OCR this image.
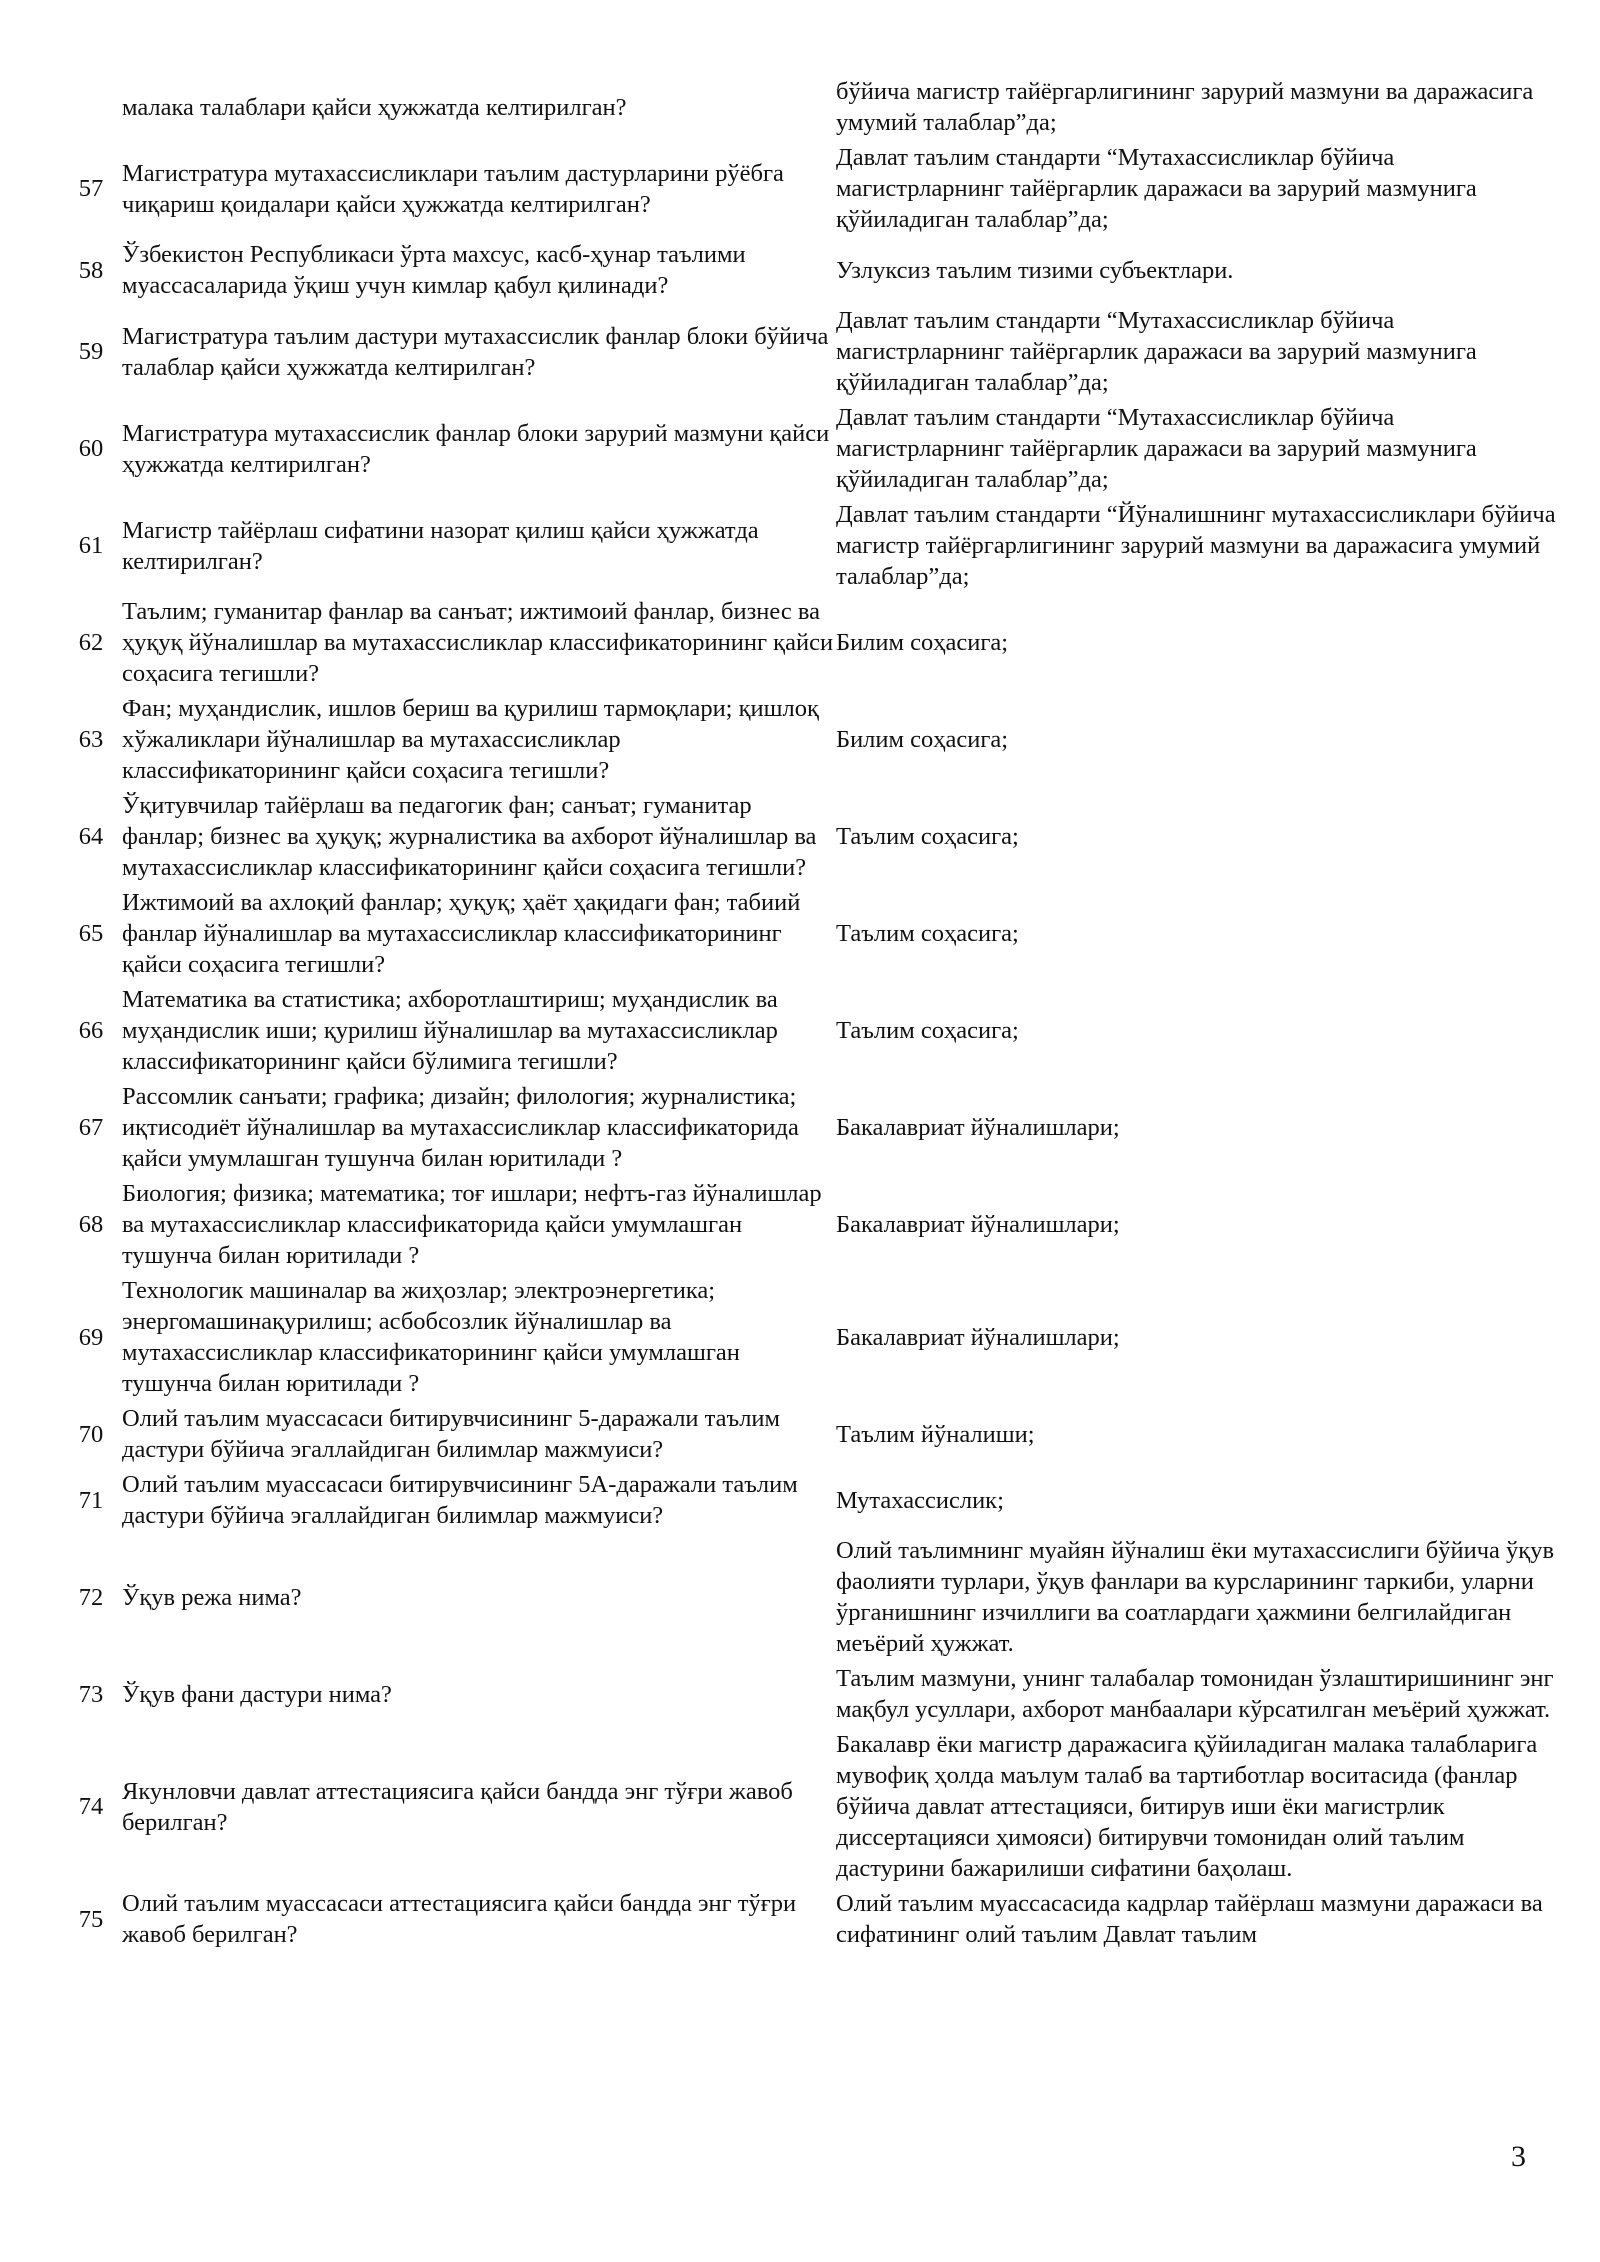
	малака талаблари қайси ҳужжатда келтирилган?	бўйича магистр тайёргарлигининг зарурий мазмуни ва даражасига умумий талаблар”да;
57	Магистратура мутахассисликлари таълим дастурларини рўёбга чиқариш қоидалари қайси ҳужжатда келтирилган?	Давлат таълим стандарти “Мутахассисликлар бўйича магистрларнинг тайёргарлик даражаси ва зарурий мазмунига қўйиладиган талаблар”да;
58	Ўзбекистон Республикаси ўрта махсус, касб-ҳунар таълими муассасаларида ўқиш учун кимлар қабул қилинади?	Узлуксиз таълим тизими субъектлари.
59	Магистратура таълим дастури мутахассислик фанлар блоки бўйича талаблар қайси ҳужжатда келтирилган?	Давлат таълим стандарти “Мутахассисликлар бўйича магистрларнинг тайёргарлик даражаси ва зарурий мазмунига қўйиладиган талаблар”да;
60	Магистратура мутахассислик фанлар блоки зарурий мазмуни қайси ҳужжатда келтирилган?	Давлат таълим стандарти “Мутахассисликлар бўйича магистрларнинг тайёргарлик даражаси ва зарурий мазмунига қўйиладиган талаблар”да;
61	Магистр тайёрлаш сифатини назорат қилиш қайси ҳужжатда келтирилган?	Давлат таълим стандарти “Йўналишнинг мутахассисликлари бўйича магистр тайёргарлигининг зарурий мазмуни ва даражасига умумий талаблар”да;
62	Таълим; гуманитар фанлар ва санъат; ижтимоий фанлар, бизнес ва ҳуқуқ йўналишлар ва мутахассисликлар классификаторининг қайси соҳасига тегишли?	Билим соҳасига;
63	Фан; муҳандислик, ишлов бериш ва қурилиш тармоқлари; қишлоқ хўжаликлари йўналишлар ва мутахассисликлар классификаторининг қайси соҳасига тегишли?	Билим соҳасига;
64	Ўқитувчилар тайёрлаш ва педагогик фан; санъат; гуманитар фанлар; бизнес ва ҳуқуқ; журналистика ва ахборот йўналишлар ва мутахассисликлар классификаторининг қайси соҳасига тегишли?	Таълим соҳасига;
65	Ижтимоий ва ахлоқий фанлар; ҳуқуқ; ҳаёт ҳақидаги фан; табиий фанлар йўналишлар ва мутахассисликлар классификаторининг қайси соҳасига тегишли?	Таълим соҳасига;
66	Математика ва статистика; ахборотлаштириш; муҳандислик ва муҳандислик иши; қурилиш йўналишлар ва мутахассисликлар классификаторининг қайси бўлимига тегишли?	Таълим соҳасига;
67	Рассомлик санъати; графика; дизайн; филология; журналистика; иқтисодиёт йўналишлар ва мутахассисликлар классификаторида қайси умумлашган тушунча билан юритилади ?	Бакалавриат йўналишлари;
68	Биология; физика; математика; тоғ ишлари; нефтъ-газ йўналишлар ва мутахассисликлар классификаторида қайси умумлашган тушунча билан юритилади ?	Бакалавриат йўналишлари;
69	Технологик машиналар ва жиҳозлар; электроэнергетика; энергомашинақурилиш; асбобсозлик йўналишлар ва мутахассисликлар классификаторининг қайси умумлашган тушунча билан юритилади ?	Бакалавриат йўналишлари;
70	Олий таълим муассасаси битирувчисининг 5-даражали таълим дастури бўйича эгаллайдиган билимлар мажмуиси?	Таълим йўналиши;
71	Олий таълим муассасаси битирувчисининг 5А-даражали таълим дастури бўйича эгаллайдиган билимлар мажмуиси?	Мутахассислик;
72	Ўқув режа нима?	Олий таълимнинг муайян йўналиш ёки мутахассислиги бўйича ўқув фаолияти турлари, ўқув фанлари ва курсларининг таркиби, уларни ўрганишнинг изчиллиги ва соатлардаги ҳажмини белгилайдиган меъёрий ҳужжат.
73	Ўқув фани дастури нима?	Таълим мазмуни, унинг талабалар томонидан ўзлаштиришининг энг мақбул усуллари, ахборот манбаалари кўрсатилган меъёрий ҳужжат.
74	Якунловчи давлат аттестациясига қайси бандда энг тўғри жавоб берилган?	Бакалавр ёки магистр даражасига қўйиладиган малака талабларига мувофиқ ҳолда маълум талаб ва тартиботлар воситасида (фанлар бўйича давлат аттестацияси, битирув иши ёки магистрлик диссертацияси ҳимояси) битирувчи томонидан олий таълим дастурини бажарилиши сифатини баҳолаш.
75	Олий таълим муассасаси аттестациясига қайси бандда энг тўғри жавоб берилган?	Олий таълим муассасасида кадрлар тайёрлаш мазмуни даражаси ва сифатининг олий таълим Давлат таълим
3
